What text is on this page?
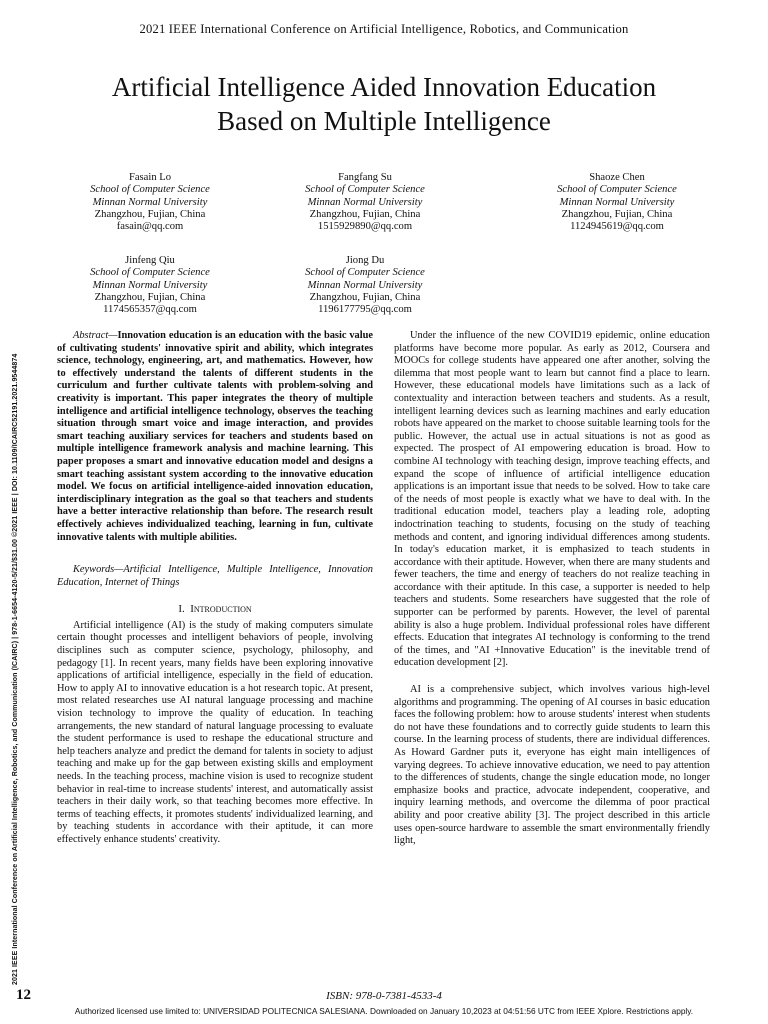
2021 IEEE International Conference on Artificial Intelligence, Robotics, and Communication
Artificial Intelligence Aided Innovation Education
Based on Multiple Intelligence
2021 IEEE International Conference on Artificial Intelligence, Robotics, and Communication (ICAIRC) | 978-1-6654-4120-5/21/$31.00 ©2021 IEEE | DOI: 10.1109/ICAIRC52191.2021.9544874
Fasain Lo
School of Computer Science
Minnan Normal University
Zhangzhou, Fujian, China
fasain@qq.com
Fangfang Su
School of Computer Science
Minnan Normal University
Zhangzhou, Fujian, China
1515929890@qq.com
Shaoze Chen
School of Computer Science
Minnan Normal University
Zhangzhou, Fujian, China
1124945619@qq.com
Jinfeng Qiu
School of Computer Science
Minnan Normal University
Zhangzhou, Fujian, China
1174565357@qq.com
Jiong Du
School of Computer Science
Minnan Normal University
Zhangzhou, Fujian, China
1196177795@qq.com

Abstract—Innovation education is an education with the basic value of cultivating students' innovative spirit and ability, which integrates science, technology, engineering, art, and mathematics. However, how to effectively understand the talents of different students in the curriculum and further cultivate talents with problem-solving and creativity is important. This paper integrates the theory of multiple intelligence and artificial intelligence technology, observes the teaching situation through smart voice and image interaction, and provides smart teaching auxiliary services for teachers and students based on multiple intelligence framework analysis and machine learning. This paper proposes a smart and innovative education model and designs a smart teaching assistant system according to the innovative education model. We focus on artificial intelligence-aided innovation education, interdisciplinary integration as the goal so that teachers and students have a better interactive relationship than before. The research result effectively achieves individualized teaching, learning in fun, cultivate innovative talents with multiple abilities.

Keywords—Artificial Intelligence, Multiple Intelligence, Innovation Education, Internet of Things

I. Introduction

Artificial intelligence (AI) is the study of making computers simulate certain thought processes and intelligent behaviors of people, involving disciplines such as computer science, psychology, philosophy, and pedagogy [1]. In recent years, many fields have been exploring innovative applications of artificial intelligence, especially in the field of education. How to apply AI to innovative education is a hot research topic. At present, most related researches use AI natural language processing and machine vision technology to improve the quality of education. In teaching arrangements, the new standard of natural language processing to evaluate the student performance is used to reshape the educational structure and help teachers analyze and predict the demand for talents in society to adjust teaching and make up for the gap between existing skills and employment needs. In the teaching process, machine vision is used to recognize student behavior in real-time to increase students' interest, and automatically assist teachers in their daily work, so that teaching becomes more effective. In terms of teaching effects, it promotes students' individualized learning, and by teaching students in accordance with their aptitude, it can more effectively enhance students' creativity.

Under the influence of the new COVID19 epidemic, online education platforms have become more popular. As early as 2012, Coursera and MOOCs for college students have appeared one after another, solving the dilemma that most people want to learn but cannot find a place to learn. However, these educational models have limitations such as a lack of contextuality and interaction between teachers and students. As a result, intelligent learning devices such as learning machines and early education robots have appeared on the market to choose suitable learning tools for the public. However, the actual use in actual situations is not as good as expected. The prospect of AI empowering education is broad. How to combine AI technology with teaching design, improve teaching effects, and expand the scope of influence of artificial intelligence education applications is an important issue that needs to be solved. How to take care of the needs of most people is exactly what we have to deal with. In the traditional education model, teachers play a leading role, adopting indoctrination teaching to students, focusing on the study of teaching methods and content, and ignoring individual differences among students. In today's education market, it is emphasized to teach students in accordance with their aptitude. However, when there are many students and fewer teachers, the time and energy of teachers do not realize teaching in accordance with their aptitude. In this case, a supporter is needed to help teachers and students. Some researchers have suggested that the role of supporter can be performed by parents. However, the level of parental ability is also a huge problem. Individual professional roles have different effects. Education that integrates AI technology is conforming to the trend of the times, and "AI +Innovative Education" is the inevitable trend of education development [2].

AI is a comprehensive subject, which involves various high-level algorithms and programming. The opening of AI courses in basic education faces the following problem: how to arouse students' interest when students do not have these foundations and to correctly guide students to learn this course. In the learning process of students, there are individual differences. As Howard Gardner puts it, everyone has eight main intelligences of varying degrees. To achieve innovative education, we need to pay attention to the differences of students, change the single education mode, no longer emphasize books and practice, advocate independent, cooperative, and inquiry learning methods, and overcome the dilemma of poor practical ability and poor creative ability [3]. The project described in this article uses open-source hardware to assemble the smart environmentally friendly light,

12	ISBN: 978-0-7381-4533-4
Authorized licensed use limited to: UNIVERSIDAD POLITECNICA SALESIANA. Downloaded on January 10,2023 at 04:51:56 UTC from IEEE Xplore. Restrictions apply.
